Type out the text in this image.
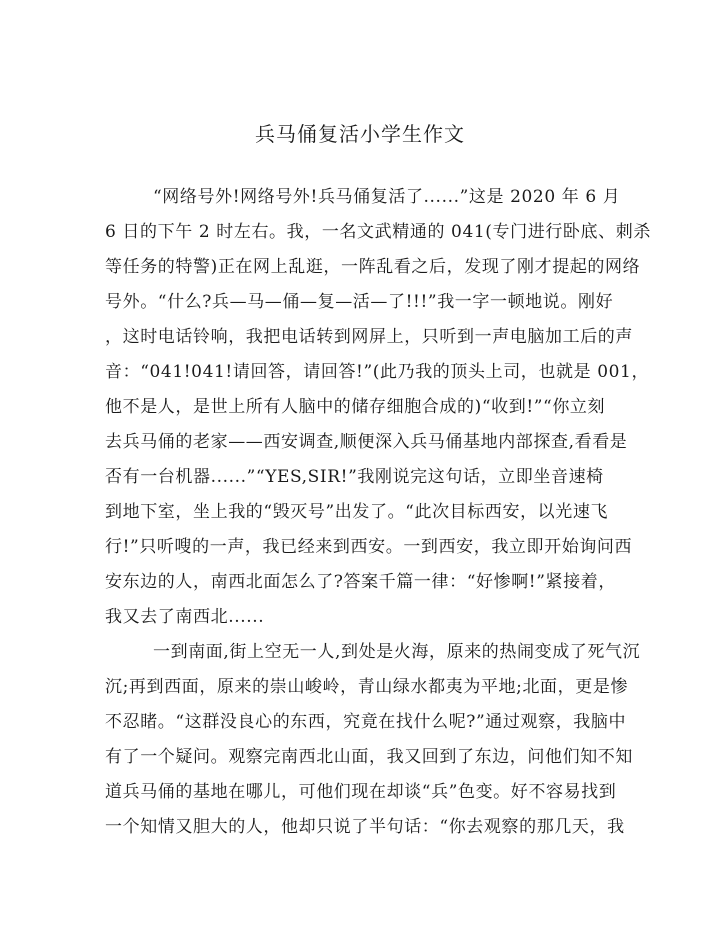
兵马俑复活小学生作文
“网络号外!网络号外!兵马俑复活了......”这是 2020 年 6 月
6 日的下午 2 时左右。我，一名文武精通的 041(专门进行卧底、刺杀
等任务的特警)正在网上乱逛，一阵乱看之后，发现了刚才提起的网络
号外。“什么?兵—马—俑—复—活—了!!!”我一字一顿地说。刚好
，这时电话铃响，我把电话转到网屏上，只听到一声电脑加工后的声
音：“041!041!请回答，请回答!”(此乃我的顶头上司，也就是 001，
他不是人，是世上所有人脑中的储存细胞合成的)“收到!”“你立刻
去兵马俑的老家——西安调查,顺便深入兵马俑基地内部探查,看看是
否有一台机器......”“YES,SIR!”我刚说完这句话，立即坐音速椅
到地下室，坐上我的“毁灭号”出发了。“此次目标西安，以光速飞
行!”只听嗖的一声，我已经来到西安。一到西安，我立即开始询问西
安东边的人，南西北面怎么了?答案千篇一律：“好惨啊!”紧接着，
我又去了南西北......
一到南面,街上空无一人,到处是火海，原来的热闹变成了死气沉
沉;再到西面，原来的崇山峻岭，青山绿水都夷为平地;北面，更是惨
不忍睹。“这群没良心的东西，究竟在找什么呢?”通过观察，我脑中
有了一个疑问。观察完南西北山面，我又回到了东边，问他们知不知
道兵马俑的基地在哪儿，可他们现在却谈“兵”色变。好不容易找到
一个知情又胆大的人，他却只说了半句话：“你去观察的那几天，我
